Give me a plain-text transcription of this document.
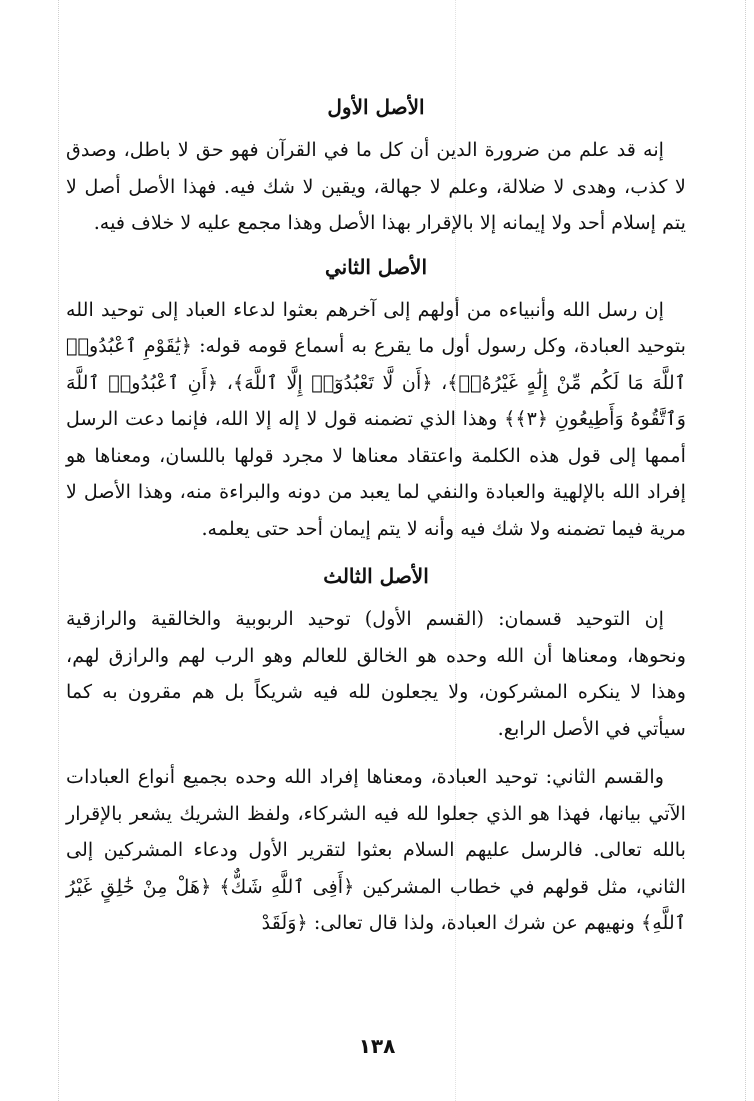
الأصل الأول

إنه قد علم من ضرورة الدين أن كل ما في القرآن فهو حق لا باطل، وصدق لا كذب، وهدى لا ضلالة، وعلم لا جهالة، ويقين لا شك فيه. فهذا الأصل أصل لا يتم إسلام أحد ولا إيمانه إلا بالإقرار بهذا الأصل وهذا مجمع عليه لا خلاف فيه.

الأصل الثاني

إن رسل الله وأنبياءه من أولهم إلى آخرهم بعثوا لدعاء العباد إلى توحيد الله بتوحيد العبادة، وكل رسول أول ما يقرع به أسماع قومه قوله: ﴿يَٰقَوْمِ ٱعْبُدُوا۟ ٱللَّهَ مَا لَكُم مِّنْ إِلَٰهٍ غَيْرُهُۥٓ﴾، ﴿أَن لَّا تَعْبُدُوٓا۟ إِلَّا ٱللَّهَ﴾، ﴿أَنِ ٱعْبُدُوا۟ ٱللَّهَ وَٱتَّقُوهُ وَأَطِيعُونِ ﴿٣﴾﴾ وهذا الذي تضمنه قول لا إله إلا الله، فإنما دعت الرسل أممها إلى قول هذه الكلمة واعتقاد معناها لا مجرد قولها باللسان، ومعناها هو إفراد الله بالإلهية والعبادة والنفي لما يعبد من دونه والبراءة منه، وهذا الأصل لا مرية فيما تضمنه ولا شك فيه وأنه لا يتم إيمان أحد حتى يعلمه.

الأصل الثالث

إن التوحيد قسمان: (القسم الأول) توحيد الربوبية والخالقية والرازقية ونحوها، ومعناها أن الله وحده هو الخالق للعالم وهو الرب لهم والرازق لهم، وهذا لا ينكره المشركون، ولا يجعلون لله فيه شريكاً بل هم مقرون به كما سيأتي في الأصل الرابع.

والقسم الثاني: توحيد العبادة، ومعناها إفراد الله وحده بجميع أنواع العبادات الآتي بيانها، فهذا هو الذي جعلوا لله فيه الشركاء، ولفظ الشريك يشعر بالإقرار بالله تعالى. فالرسل عليهم السلام بعثوا لتقرير الأول ودعاء المشركين إلى الثاني، مثل قولهم في خطاب المشركين ﴿أَفِى ٱللَّهِ شَكٌّ﴾ ﴿هَلْ مِنْ خَٰلِقٍ غَيْرُ ٱللَّهِ﴾ ونهيهم عن شرك العبادة، ولذا قال تعالى: ﴿وَلَقَدْ

١٣٨
